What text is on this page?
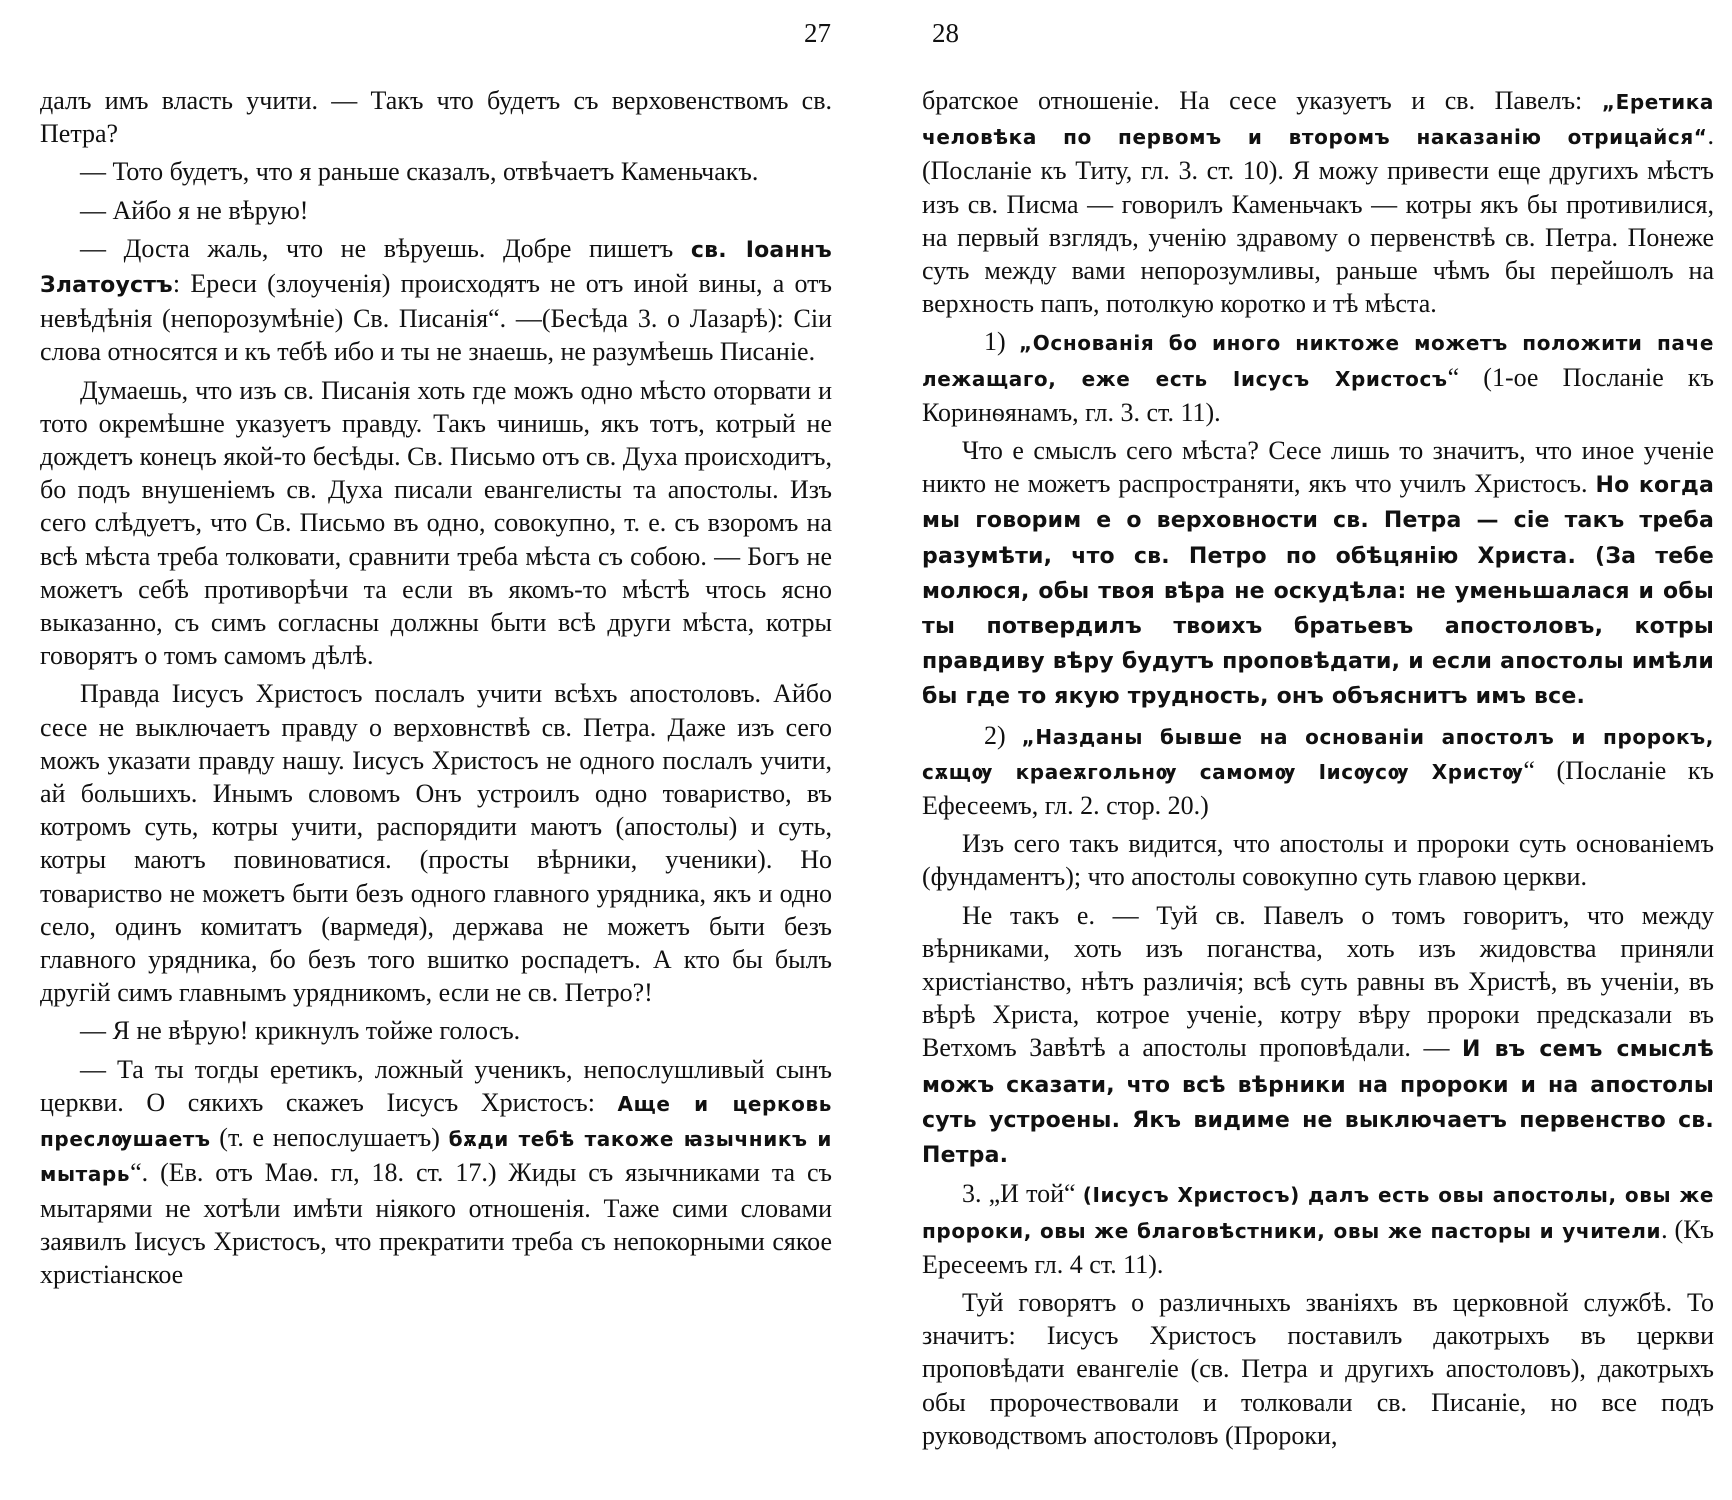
27

далъ имъ власть учити. — Такъ что будетъ съ верховенствомъ св. Петра?

— Тото будетъ, что я раньше сказалъ, отвѣчаетъ Каменьчакъ.

— Айбо я не вѣрую!

— Доста жаль, что не вѣруешь. Добре пишетъ св. Іоаннъ Златоустъ: Ереси (злоученія) происходятъ не отъ иной вины, а отъ невѣдѣнія (непорозумѣніе) Св. Писанія“. —(Бесѣда 3. о Лазарѣ): Сіи слова относятся и къ тебѣ ибо и ты не знаешь, не разумѣешь Писаніе.

Думаешь, что изъ св. Писанія хоть где можъ одно мѣсто оторвати и тото окремѣшне указуетъ правду. Такъ чинишь, якъ тотъ, котрый не дождетъ конецъ якой-то бесѣды. Св. Письмо отъ св. Духа происходитъ, бо подъ внушеніемъ св. Духа писали евангелисты та апостолы. Изъ сего слѣдуетъ, что Св. Письмо въ одно, совокупно, т. е. съ взоромъ на всѣ мѣста треба толковати, сравнити треба мѣста съ собою. — Богъ не можетъ себѣ противорѣчи та если въ якомъ-то мѣстѣ чтось ясно выказанно, съ симъ согласны должны быти всѣ други мѣста, котры говорятъ о томъ самомъ дѣлѣ.

Правда Іисусъ Христосъ послалъ учити всѣхъ апостоловъ. Айбо сесе не выключаетъ правду о верховнствѣ св. Петра. Даже изъ сего можъ указати правду нашу. Іисусъ Христосъ не одного послалъ учити, ай большихъ. Инымъ словомъ Онъ устроилъ одно товариство, въ котромъ суть, котры учити, распорядити маютъ (апостолы) и суть, котры маютъ повиноватися. (просты вѣрники, ученики). Но товариство не можетъ быти безъ одного главного урядника, якъ и одно село, одинъ комитатъ (вармедя), держава не можетъ быти безъ главного урядника, бо безъ того вшитко роспадетъ. А кто бы былъ другій симъ главнымъ урядникомъ, если не св. Петро?!

— Я не вѣрую! крикнулъ тойже голосъ.

— Та ты тогды еретикъ, ложный ученикъ, непослушливый сынъ церкви. О сякихъ скажеъ Іисусъ Христосъ: Аще и церковь преслѹшаетъ (т. е непослушаетъ) бѫди тебѣ такоже ꙗзычникъ и мытарь“. (Ев. отъ Маѳ. гл, 18. ст. 17.) Жиды съ язычниками та съ мытарями не хотѣли имѣти ніякого отношенія. Таже сими словами заявилъ Іисусъ Христосъ, что прекратити треба съ непокорными сякое христіанское

28

братское отношеніе. На сесе указуетъ и св. Павелъ: „Еретика человѣка по первомъ и второмъ наказанію отрицайся“. (Посланіе къ Титу, гл. 3. ст. 10). Я можу привести еще другихъ мѣстъ изъ св. Писма — говорилъ Каменьчакъ — котры якъ бы противилися, на первый взглядъ, ученію здравому о первенствѣ св. Петра. Понеже суть между вами непорозумливы, раньше чѣмъ бы перейшолъ на верхность папъ, потолкую коротко и тѣ мѣста.

1) „Основанія бо иного никтоже можетъ положити паче лежащаго, еже есть Іисусъ Христосъ“ (1-ое Посланіе къ Коринѳянамъ, гл. 3. ст. 11).

Что е смыслъ сего мѣста? Сесе лишь то значитъ, что иное ученіе никто не можетъ распространяти, якъ что училъ Христосъ. Но когда мы говорим е о верховности св. Петра — сіе такъ треба разумѣти, что св. Петро по обѣцянію Христа. (За тебе молюся, обы твоя вѣра не оскудѣла: не уменьшалася и обы ты потвердилъ твоихъ братьевъ апостоловъ, котры правдиву вѣру будутъ проповѣдати, и если апостолы имѣли бы где то якую трудность, онъ объяснитъ имъ все.

2) „Назданы бывше на основаніи апостолъ и пророкъ, сѫщѹ краеѫгольнѹ самомѹ Іисѹсѹ Христѹ“ (Посланіе къ Ефесеемъ, гл. 2. стор. 20.)

Изъ сего такъ видится, что апостолы и пророки суть основаніемъ (фундаментъ); что апостолы совокупно суть главою церкви.

Не такъ е. — Туй св. Павелъ о томъ говоритъ, что между вѣрниками, хоть изъ поганства, хоть изъ жидовства приняли христіанство, нѣтъ различія; всѣ суть равны въ Христѣ, въ ученіи, въ вѣрѣ Христа, котрое ученіе, котру вѣру пророки предсказали въ Ветхомъ Завѣтѣ а апостолы проповѣдали. — И въ семъ смыслѣ можъ сказати, что всѣ вѣрники на пророки и на апостолы суть устроены. Якъ видиме не выключаетъ первенство св. Петра.

3. „И той“ (Іисусъ Христосъ) далъ есть овы апостолы, овы же пророки, овы же благовѣстники, овы же пасторы и учители. (Къ Ересеемъ гл. 4 ст. 11).

Туй говорятъ о различныхъ званіяхъ въ церковной службѣ. То значитъ: Іисусъ Христосъ поставилъ дакотрыхъ въ церкви проповѣдати евангеліе (св. Петра и другихъ апостоловъ), дакотрыхъ обы пророчествовали и толковали св. Писаніе, но все подъ руководствомъ апостоловъ (Пророки,
